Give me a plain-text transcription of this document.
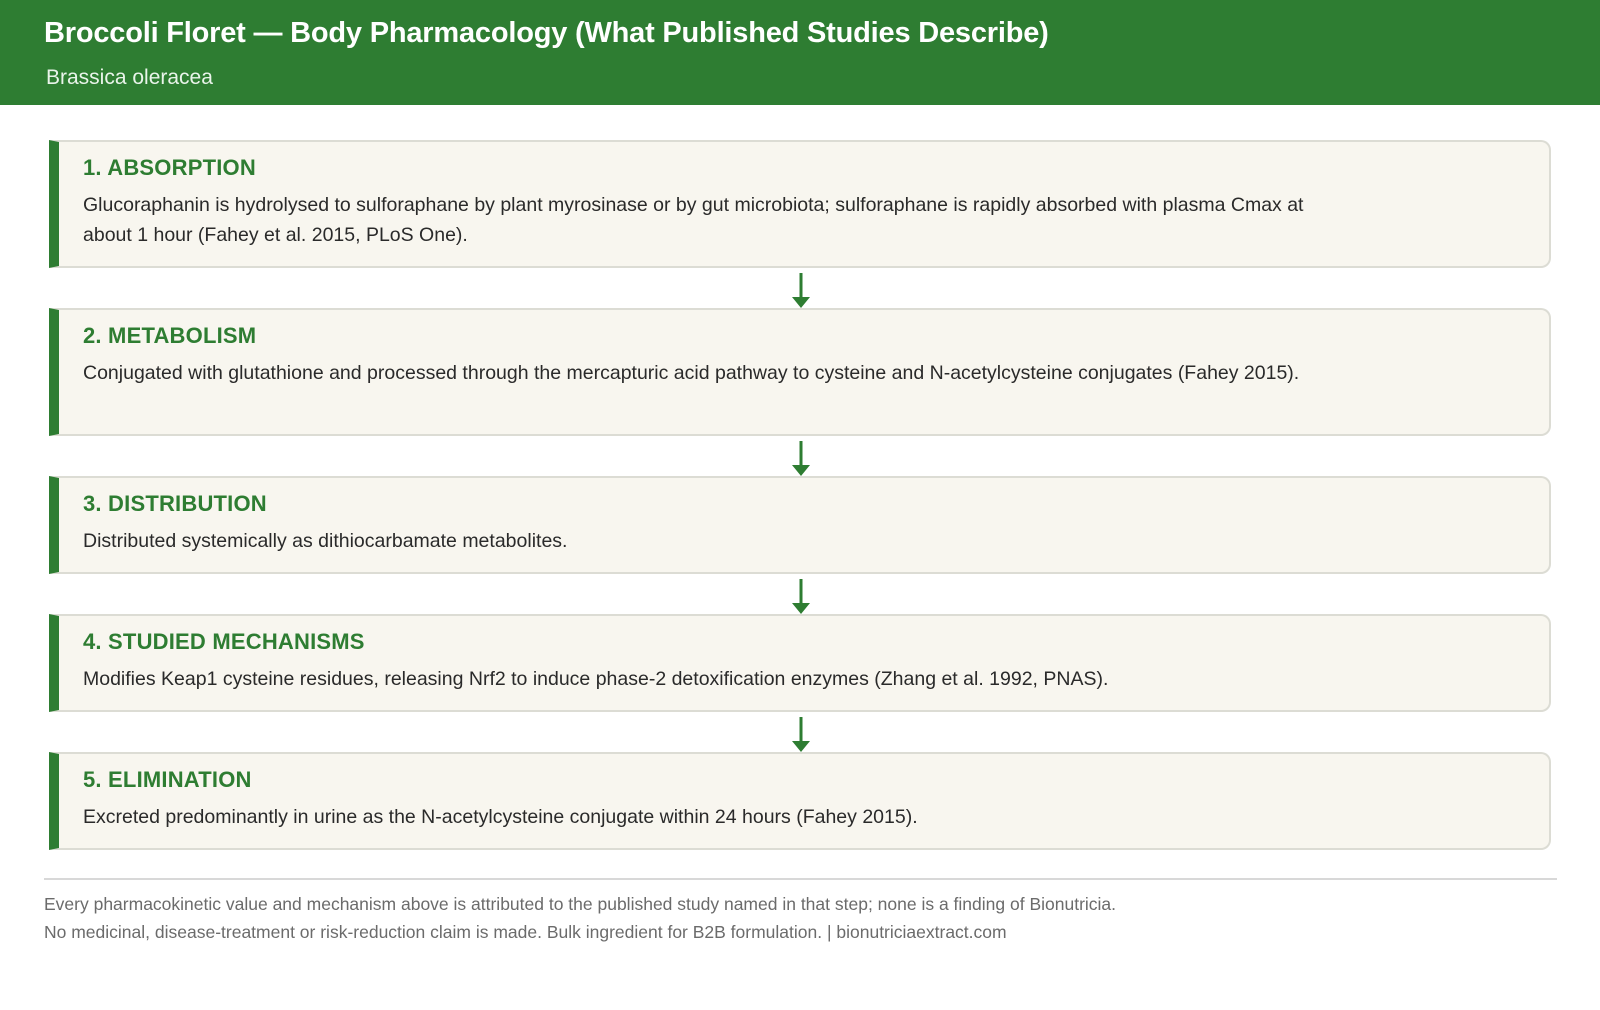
Broccoli Floret — Body Pharmacology (What Published Studies Describe)
Brassica oleracea
1. ABSORPTION
Glucoraphanin is hydrolysed to sulforaphane by plant myrosinase or by gut microbiota; sulforaphane is rapidly absorbed with plasma Cmax at about 1 hour (Fahey et al. 2015, PLoS One).
2. METABOLISM
Conjugated with glutathione and processed through the mercapturic acid pathway to cysteine and N-acetylcysteine conjugates (Fahey 2015).
3. DISTRIBUTION
Distributed systemically as dithiocarbamate metabolites.
4. STUDIED MECHANISMS
Modifies Keap1 cysteine residues, releasing Nrf2 to induce phase-2 detoxification enzymes (Zhang et al. 1992, PNAS).
5. ELIMINATION
Excreted predominantly in urine as the N-acetylcysteine conjugate within 24 hours (Fahey 2015).
Every pharmacokinetic value and mechanism above is attributed to the published study named in that step; none is a finding of Bionutricia.
No medicinal, disease-treatment or risk-reduction claim is made. Bulk ingredient for B2B formulation. | bionutriciaextract.com
